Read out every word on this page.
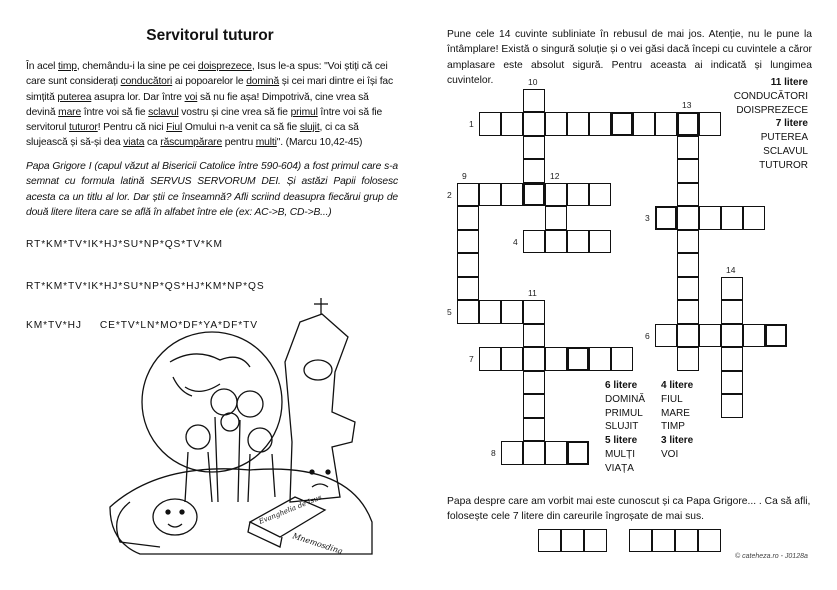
Servitorul tuturor
În acel timp, chemându-i la sine pe cei doisprezece, Isus le-a spus: "Voi știți că cei care sunt considerați conducători ai popoarelor le domină și cei mari dintre ei își fac simțită puterea asupra lor. Dar între voi să nu fie așa! Dimpotrivă, cine vrea să devină mare între voi să fie sclavul vostru și cine vrea să fie primul între voi să fie servitorul tuturor! Pentru că nici Fiul Omului n-a venit ca să fie slujit, ci ca să slujească și să-și dea viata ca răscumpărare pentru multi". (Marcu 10,42-45)
Papa Grigore I (capul văzut al Bisericii Catolice între 590-604) a fost primul care s-a semnat cu formula latină SERVUS SERVORUM DEI. Și astăzi Papii folosesc acesta ca un titlu al lor. Dar știi ce înseamnă? Afli scriind deasupra fiecărui grup de două litere litera care se află în alfabet între ele (ex: AC->B, CD->B...)
RT*KM*TV*IK*HJ*SU*NP*QS*TV*KM
RT*KM*TV*IK*HJ*SU*NP*QS*HJ*KM*NP*QS
KM*TV*HJ CE*TV*LN*MO*DF*YA*DF*TV
Evanghelia de Isus
Mnemosdina
Pune cele 14 cuvinte subliniate în rebusul de mai jos. Atenție, nu le pune la întâmplare! Există o singură soluție și o vei găsi dacă începi cu cuvintele a căror amplasare este absolut sigură. Pentru aceasta ai indicată și lungimea cuvintelor.
1
2
3
4
5
6
7
8
9
10
11
12
13
14
11 litere
CONDUCĂTORI
DOISPREZECE
7 litere
PUTEREA
SCLAVUL
TUTUROR
6 litere
DOMINĂ
PRIMUL
SLUJIT
5 litere
MULȚI
VIAȚA
4 litere
FIUL
MARE
TIMP
3 litere
VOI
Papa despre care am vorbit mai este cunoscut și ca Papa Grigore... . Ca să afli, folosește cele 7 litere din careurile îngroșate de mai sus.
© cateheza.ro - J0128a
